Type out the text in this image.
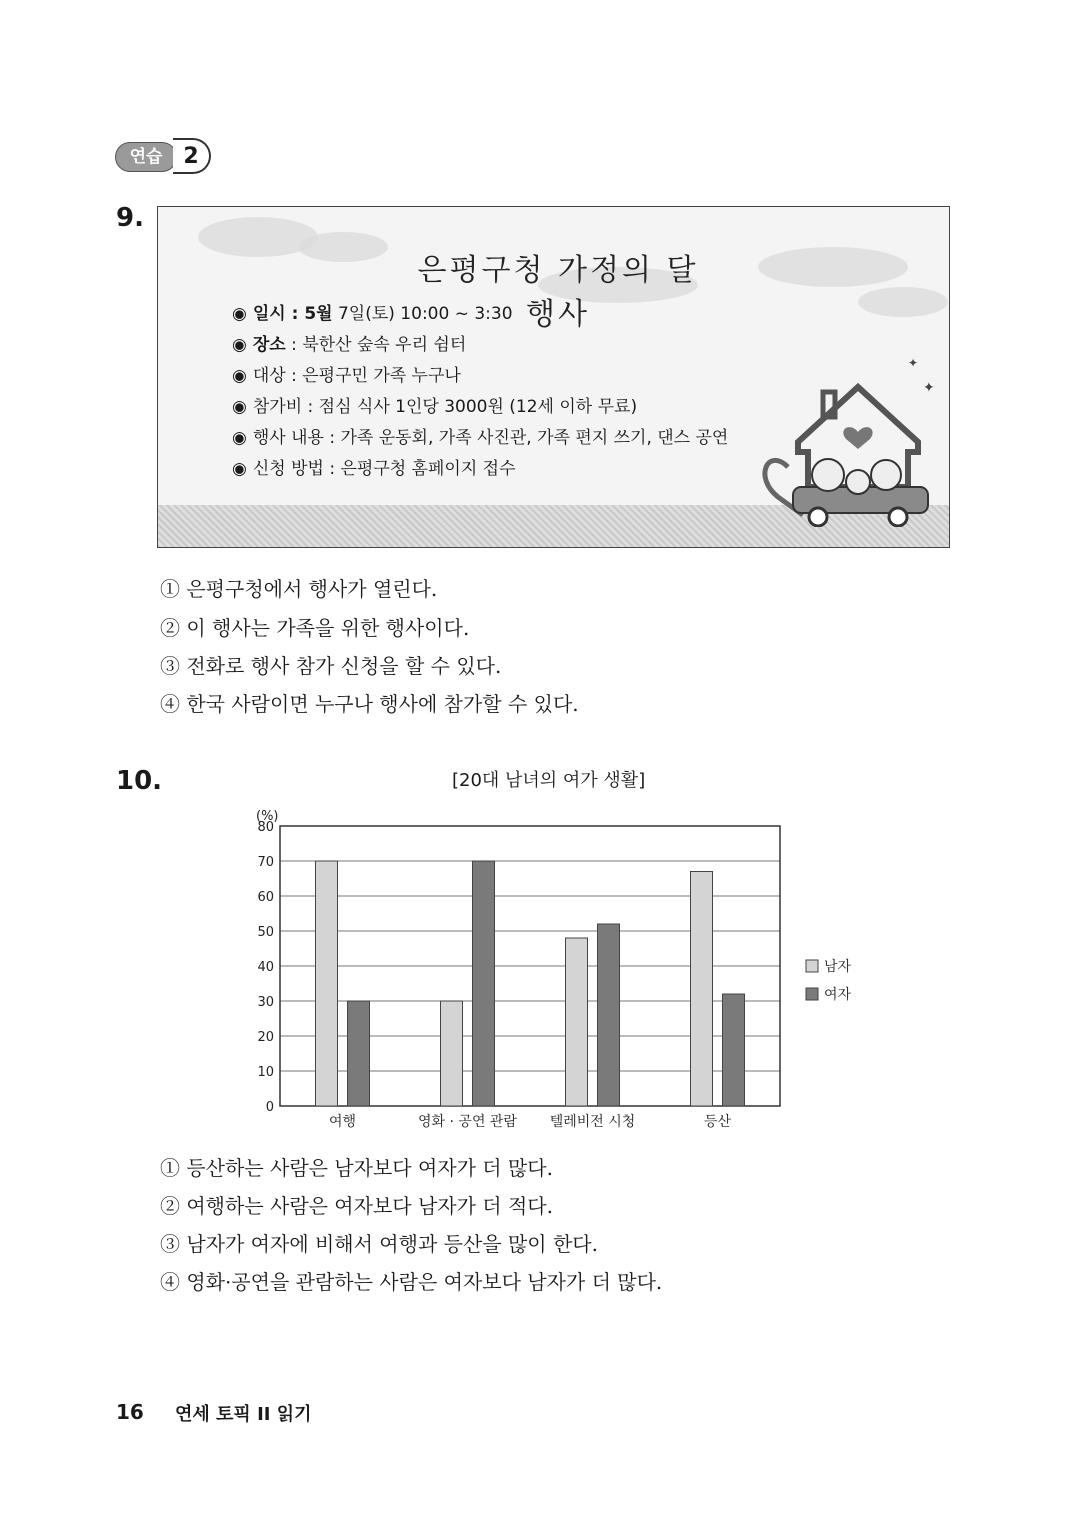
연습 2
9.
은평구청 가정의 달 행사
◉ 일시 : 5월 7일(토) 10:00 ~ 3:30
◉ 장소 : 북한산 숲속 우리 쉼터
◉ 대상 : 은평구민 가족 누구나
◉ 참가비 : 점심 식사 1인당 3000원 (12세 이하 무료)
◉ 행사 내용 : 가족 운동회, 가족 사진관, 가족 편지 쓰기, 댄스 공연
◉ 신청 방법 : 은평구청 홈페이지 접수
✦
✦
① 은평구청에서 행사가 열린다.
② 이 행사는 가족을 위한 행사이다.
③ 전화로 행사 참가 신청을 할 수 있다.
④ 한국 사람이면 누구나 행사에 참가할 수 있다.
10.	[20대 남녀의 여가 생활]
0
10
20
30
40
50
60
70
80
(%)
여행	영화 · 공연 관람 텔레비전 시청	등산
남자
여자
① 등산하는 사람은 남자보다 여자가 더 많다.
② 여행하는 사람은 여자보다 남자가 더 적다.
③ 남자가 여자에 비해서 여행과 등산을 많이 한다.
④ 영화·공연을 관람하는 사람은 여자보다 남자가 더 많다.
16 연세 토픽 II 읽기
